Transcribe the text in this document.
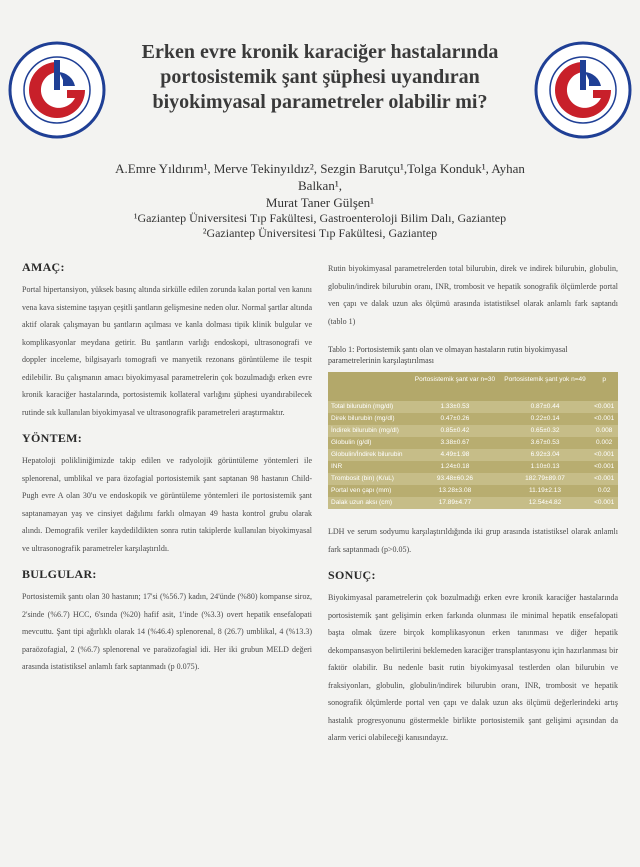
Erken evre kronik karaciğer hastalarında
portosistemik şant şüphesi uyandıran
biyokimyasal parametreler olabilir mi?
A.Emre Yıldırım¹, Merve Tekinyıldız², Sezgin Barutçu¹,Tolga Konduk¹, Ayhan Balkan¹,
Murat Taner Gülşen¹
¹Gaziantep Üniversitesi Tıp Fakültesi, Gastroenteroloji Bilim Dalı, Gaziantep
²Gaziantep Üniversitesi Tıp Fakültesi, Gaziantep
AMAÇ:

Portal hipertansiyon, yüksek basınç altında sirkülle edilen zorunda kalan portal ven kanını vena kava sistemine taşıyan çeşitli şantların gelişmesine neden olur. Normal şartlar altında aktif olarak çalışmayan bu şantların açılması ve kanla dolması tipik klinik bulgular ve komplikasyonlar meydana getirir. Bu şantların varlığı endoskopi, ultrasonografi ve doppler inceleme, bilgisayarlı tomografi ve manyetik rezonans görüntüleme ile tespit edilebilir. Bu çalışmanın amacı biyokimyasal parametrelerin çok bozulmadığı erken evre kronik karaciğer hastalarında, portosistemik kollateral varlığını şüphesi uyandırabilecek rutinde sık kullanılan biyokimyasal ve ultrasonografik parametreleri araştırmaktır.

YÖNTEM:

Hepatoloji polikliniğimizde takip edilen ve radyolojik görüntüleme yöntemleri ile splenorenal, umblikal ve para özofagial portosistemik şant saptanan 98 hastanın Child-Pugh evre A olan 30'u ve endoskopik ve görüntüleme yöntemleri ile portosistemik şant saptanamayan yaş ve cinsiyet dağılımı farklı olmayan 49 hasta kontrol grubu olarak alındı. Demografik veriler kaydedildikten sonra rutin takiplerde kullanılan biyokimyasal ve ultrasonografik parametreler karşılaştırıldı.

BULGULAR:

Portosistemik şantı olan 30 hastanın; 17'si (%56.7) kadın, 24'ünde (%80) kompanse siroz, 2'sinde (%6.7) HCC, 6'sında (%20) hafif asit, 1'inde (%3.3) overt hepatik ensefalopati mevcuttu. Şant tipi ağırlıklı olarak 14 (%46.4) splenorenal, 8 (26.7) umblikal, 4 (%13.3) paraözofagial, 2 (%6.7) splenorenal ve paraözofagial idi. Her iki grubun MELD değeri arasında istatistiksel anlamlı fark saptanmadı (p 0.075).

Rutin biyokimyasal parametrelerden total bilurubin, direk ve indirek bilurubin, globulin, globulin/indirek bilurubin oranı, INR, trombosit ve hepatik sonografik ölçümlerde portal ven çapı ve dalak uzun aks ölçümü arasında istatistiksel olarak anlamlı fark saptandı (tablo 1)

Tablo 1: Portosistemik şantı olan ve olmayan hastaların rutin biyokimyasal parametrelerinin karşılaştırılması
	Portosistemik şant var n=30	Portosistemik şant yok n=49	p

Total bilurubin (mg/dl)	1.33±0.53	0.87±0.44	<0.001
Direk bilurubin (mg/dl)	0.47±0.26	0.22±0.14	<0.001
İndirek bilurubin (mg/dl)	0.85±0.42	0.65±0.32	0.008
Globulin (g/dl)	3.38±0.67	3.67±0.53	0.002
Globulin/İndirek bilurubin	4.49±1.98	6.92±3.04	<0.001
INR	1.24±0.18	1.10±0.13	<0.001
Trombosit (bin) (K/uL)	93.48±60.26	182.79±89.07	<0.001
Portal ven çapı (mm)	13.28±3.08	11.19±2.13	0.02
Dalak uzun aksı (cm)	17.89±4.77	12.54±4.82	<0.001

LDH ve serum sodyumu karşılaştırıldığında iki grup arasında istatistiksel olarak anlamlı fark saptanmadı (p>0.05).

SONUÇ:

Biyokimyasal parametrelerin çok bozulmadığı erken evre kronik karaciğer hastalarında portosistemik şant gelişimin erken farkında olunması ile minimal hepatik ensefalopati başta olmak üzere birçok komplikasyonun erken tanınması ve diğer hepatik dekompansasyon belirtilerini beklemeden karaciğer transplantasyonu için hazırlanması bir faktör olabilir. Bu nedenle basit rutin biyokimyasal testlerden olan bilurubin ve fraksiyonları, globulin, globulin/indirek bilurubin oranı, INR, trombosit ve hepatik sonografik ölçümlerde portal ven çapı ve dalak uzun aks ölçümü değerlerindeki artış hastalık progresyonunu göstermekle birlikte portosistemik şant gelişimi açısından da alarm verici olabileceği kanısındayız.
